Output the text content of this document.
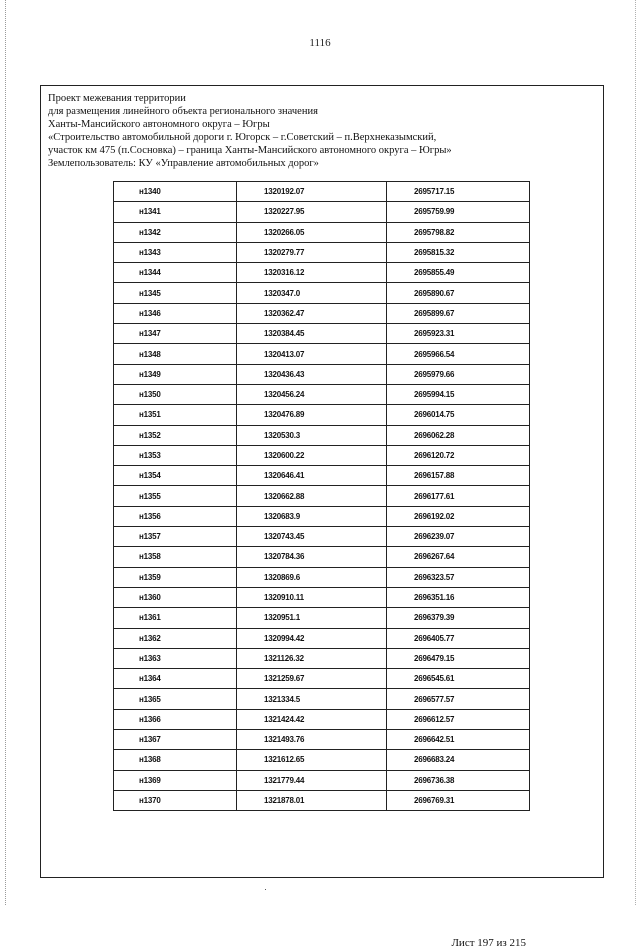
1116
Проект межевания территории
для размещения линейного объекта регионального значения
Ханты-Мансийского автономного округа – Югры
«Строительство автомобильной дороги г. Югорск – г.Советский – п.Верхнеказымский,
участок км 475 (п.Сосновка) – граница Ханты-Мансийского автономного округа – Югры»
Землепользователь: КУ «Управление автомобильных дорог»
н1340	1320192.07	2695717.15
н1341	1320227.95	2695759.99
н1342	1320266.05	2695798.82
н1343	1320279.77	2695815.32
н1344	1320316.12	2695855.49
н1345	1320347.0	2695890.67
н1346	1320362.47	2695899.67
н1347	1320384.45	2695923.31
н1348	1320413.07	2695966.54
н1349	1320436.43	2695979.66
н1350	1320456.24	2695994.15
н1351	1320476.89	2696014.75
н1352	1320530.3	2696062.28
н1353	1320600.22	2696120.72
н1354	1320646.41	2696157.88
н1355	1320662.88	2696177.61
н1356	1320683.9	2696192.02
н1357	1320743.45	2696239.07
н1358	1320784.36	2696267.64
н1359	1320869.6	2696323.57
н1360	1320910.11	2696351.16
н1361	1320951.1	2696379.39
н1362	1320994.42	2696405.77
н1363	1321126.32	2696479.15
н1364	1321259.67	2696545.61
н1365	1321334.5	2696577.57
н1366	1321424.42	2696612.57
н1367	1321493.76	2696642.51
н1368	1321612.65	2696683.24
н1369	1321779.44	2696736.38
н1370	1321878.01	2696769.31
Лист 197 из 215
